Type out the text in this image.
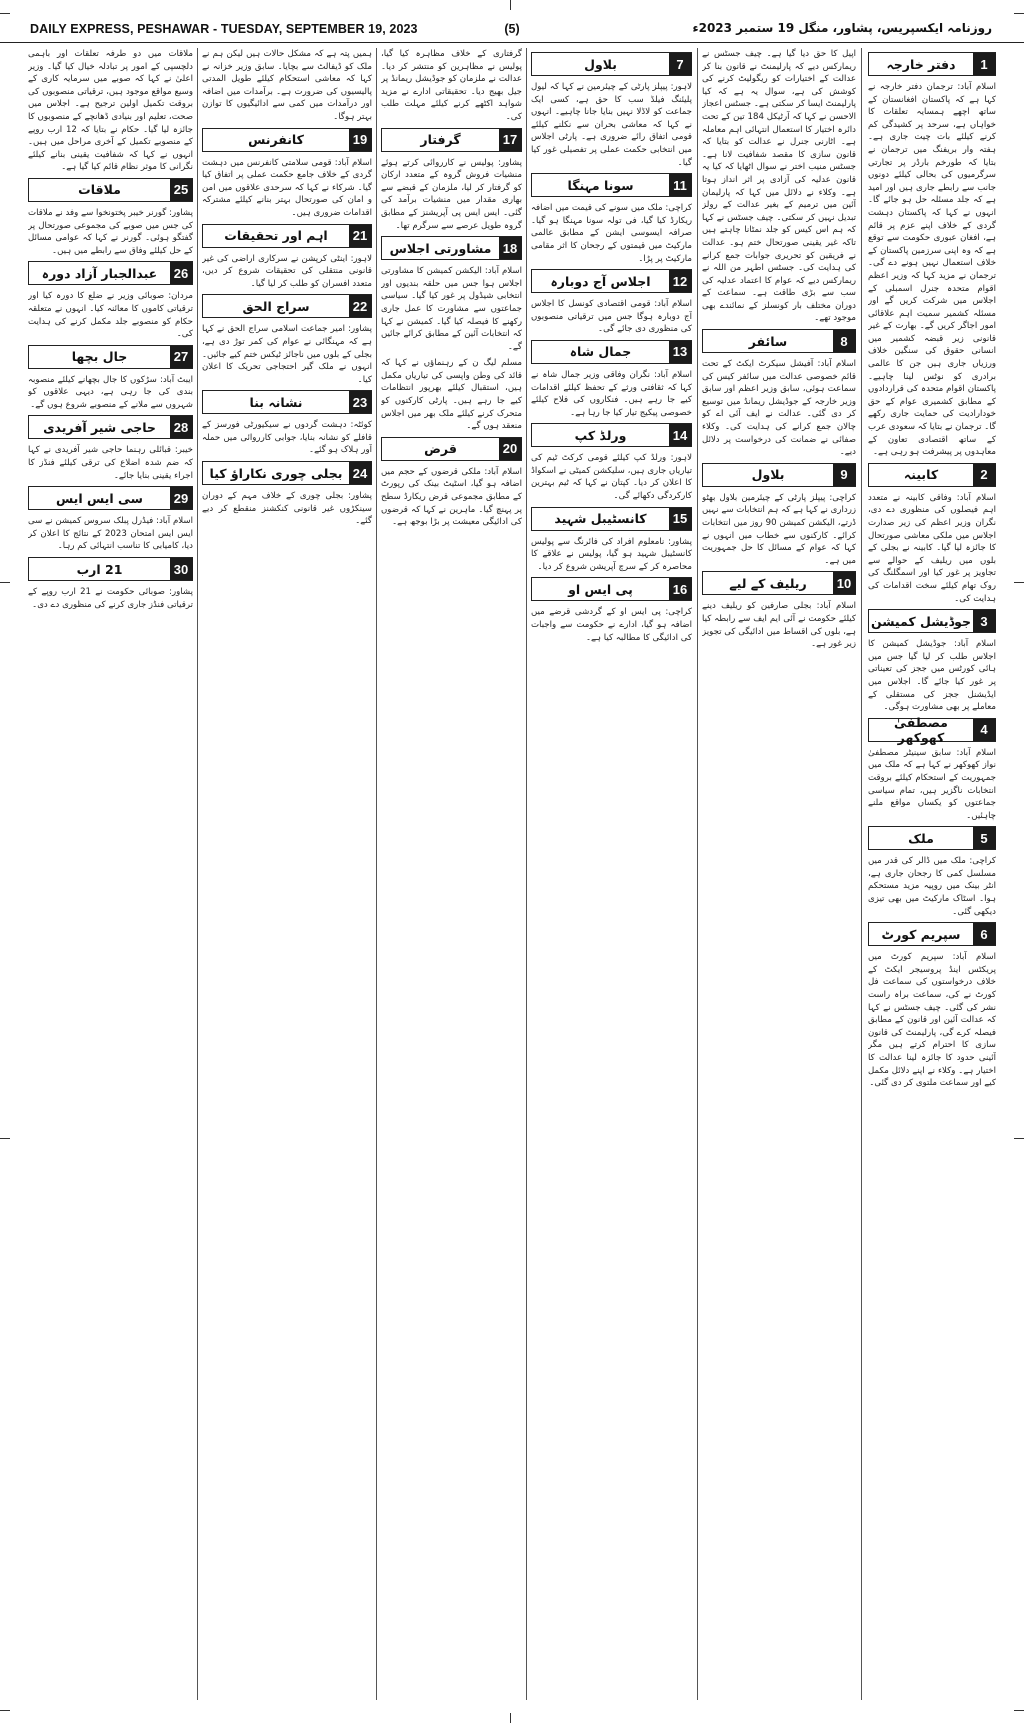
DAILY EXPRESS, PESHAWAR - TUESDAY, SEPTEMBER 19, 2023	(5)	روزنامہ ایکسپریس، پشاور، منگل 19 ستمبر 2023ء
دفتر خارجہ	1

اسلام آباد: ترجمان دفتر خارجہ نے کہا ہے کہ پاکستان افغانستان کے ساتھ اچھے ہمسایہ تعلقات کا خواہاں ہے، سرحد پر کشیدگی کم کرنے کیلئے بات چیت جاری ہے۔ ہفتہ وار بریفنگ میں ترجمان نے بتایا کہ طورخم بارڈر پر تجارتی سرگرمیوں کی بحالی کیلئے دونوں جانب سے رابطے جاری ہیں اور امید ہے کہ جلد مسئلہ حل ہو جائے گا۔ انہوں نے کہا کہ پاکستان دہشت گردی کے خلاف اپنے عزم پر قائم ہے، افغان عبوری حکومت سے توقع ہے کہ وہ اپنی سرزمین پاکستان کے خلاف استعمال نہیں ہونے دے گی۔ ترجمان نے مزید کہا کہ وزیر اعظم اقوام متحدہ جنرل اسمبلی کے اجلاس میں شرکت کریں گے اور مسئلہ کشمیر سمیت اہم علاقائی امور اجاگر کریں گے۔ بھارت کے غیر قانونی زیر قبضہ کشمیر میں انسانی حقوق کی سنگین خلاف ورزیاں جاری ہیں جن کا عالمی برادری کو نوٹس لینا چاہیے۔ پاکستان اقوام متحدہ کی قراردادوں کے مطابق کشمیری عوام کے حق خودارادیت کی حمایت جاری رکھے گا۔ ترجمان نے بتایا کہ سعودی عرب کے ساتھ اقتصادی تعاون کے معاہدوں پر پیشرفت ہو رہی ہے۔

کابینہ	2

اسلام آباد: وفاقی کابینہ نے متعدد اہم فیصلوں کی منظوری دے دی، نگران وزیر اعظم کی زیر صدارت اجلاس میں ملکی معاشی صورتحال کا جائزہ لیا گیا۔ کابینہ نے بجلی کے بلوں میں ریلیف کے حوالے سے تجاویز پر غور کیا اور اسمگلنگ کی روک تھام کیلئے سخت اقدامات کی ہدایت کی۔

جوڈیشل کمیشن 3

اسلام آباد: جوڈیشل کمیشن کا اجلاس طلب کر لیا گیا جس میں ہائی کورٹس میں ججز کی تعیناتی پر غور کیا جائے گا۔ اجلاس میں ایڈیشنل ججز کی مستقلی کے معاملے پر بھی مشاورت ہوگی۔

مصطفیٰ کھوکھر	4

اسلام آباد: سابق سینیٹر مصطفیٰ نواز کھوکھر نے کہا ہے کہ ملک میں جمہوریت کے استحکام کیلئے بروقت انتخابات ناگزیر ہیں، تمام سیاسی جماعتوں کو یکساں مواقع ملنے چاہئیں۔

ملک	5

کراچی: ملک میں ڈالر کی قدر میں مسلسل کمی کا رجحان جاری ہے، انٹر بینک میں روپیہ مزید مستحکم ہوا۔ اسٹاک مارکیٹ میں بھی تیزی دیکھی گئی۔

سپریم کورٹ	6

اسلام آباد: سپریم کورٹ میں پریکٹس اینڈ پروسیجر ایکٹ کے خلاف درخواستوں کی سماعت فل کورٹ نے کی، سماعت براہ راست نشر کی گئی۔ چیف جسٹس نے کہا کہ عدالت آئین اور قانون کے مطابق فیصلہ کرے گی، پارلیمنٹ کی قانون سازی کا احترام کرتے ہیں مگر آئینی حدود کا جائزہ لینا عدالت کا اختیار ہے۔ وکلاء نے اپنے دلائل مکمل کیے اور سماعت ملتوی کر دی گئی۔

اپیل کا حق دیا گیا ہے۔ چیف جسٹس نے ریمارکس دیے کہ پارلیمنٹ نے قانون بنا کر عدالت کے اختیارات کو ریگولیٹ کرنے کی کوشش کی ہے، سوال یہ ہے کہ کیا پارلیمنٹ ایسا کر سکتی ہے۔ جسٹس اعجاز الاحسن نے کہا کہ آرٹیکل 184 تین کے تحت دائرہ اختیار کا استعمال انتہائی اہم معاملہ ہے۔ اٹارنی جنرل نے عدالت کو بتایا کہ قانون سازی کا مقصد شفافیت لانا ہے۔ جسٹس منیب اختر نے سوال اٹھایا کہ کیا یہ قانون عدلیہ کی آزادی پر اثر انداز ہوتا ہے۔ وکلاء نے دلائل میں کہا کہ پارلیمان آئین میں ترمیم کے بغیر عدالت کے رولز تبدیل نہیں کر سکتی۔ چیف جسٹس نے کہا کہ ہم اس کیس کو جلد نمٹانا چاہتے ہیں تاکہ غیر یقینی صورتحال ختم ہو۔ عدالت نے فریقین کو تحریری جوابات جمع کرانے کی ہدایت کی۔ جسٹس اطہر من اللہ نے ریمارکس دیے کہ عوام کا اعتماد عدلیہ کی سب سے بڑی طاقت ہے۔ سماعت کے دوران مختلف بار کونسلز کے نمائندے بھی موجود تھے۔

سائفر	8

اسلام آباد: آفیشل سیکرٹ ایکٹ کے تحت قائم خصوصی عدالت میں سائفر کیس کی سماعت ہوئی، سابق وزیر اعظم اور سابق وزیر خارجہ کے جوڈیشل ریمانڈ میں توسیع کر دی گئی۔ عدالت نے ایف آئی اے کو چالان جمع کرانے کی ہدایت کی۔ وکلاء صفائی نے ضمانت کی درخواست پر دلائل دیے۔

بلاول	9

کراچی: پیپلز پارٹی کے چیئرمین بلاول بھٹو زرداری نے کہا ہے کہ ہم انتخابات سے نہیں ڈرتے، الیکشن کمیشن 90 روز میں انتخابات کرائے۔ کارکنوں سے خطاب میں انہوں نے کہا کہ عوام کے مسائل کا حل جمہوریت میں ہے۔

ریلیف کے لیے	10

اسلام آباد: بجلی صارفین کو ریلیف دینے کیلئے حکومت نے آئی ایم ایف سے رابطہ کیا ہے، بلوں کی اقساط میں ادائیگی کی تجویز زیر غور ہے۔

بلاول	7

لاہور: پیپلز پارٹی کے چیئرمین نے کہا کہ لیول پلیئنگ فیلڈ سب کا حق ہے، کسی ایک جماعت کو لاڈلا نہیں بنایا جانا چاہیے۔ انہوں نے کہا کہ معاشی بحران سے نکلنے کیلئے قومی اتفاق رائے ضروری ہے۔ پارٹی اجلاس میں انتخابی حکمت عملی پر تفصیلی غور کیا گیا۔

سونا مہنگا	11

کراچی: ملک میں سونے کی قیمت میں اضافہ ریکارڈ کیا گیا، فی تولہ سونا مہنگا ہو گیا۔ صرافہ ایسوسی ایشن کے مطابق عالمی مارکیٹ میں قیمتوں کے رجحان کا اثر مقامی مارکیٹ پر پڑا۔

اجلاس آج دوبارہ	12

اسلام آباد: قومی اقتصادی کونسل کا اجلاس آج دوبارہ ہوگا جس میں ترقیاتی منصوبوں کی منظوری دی جائے گی۔

جمال شاہ	13

اسلام آباد: نگران وفاقی وزیر جمال شاہ نے کہا کہ ثقافتی ورثے کے تحفظ کیلئے اقدامات کیے جا رہے ہیں۔ فنکاروں کی فلاح کیلئے خصوصی پیکیج تیار کیا جا رہا ہے۔

ورلڈ کپ	14

لاہور: ورلڈ کپ کیلئے قومی کرکٹ ٹیم کی تیاریاں جاری ہیں، سلیکشن کمیٹی نے اسکواڈ کا اعلان کر دیا۔ کپتان نے کہا کہ ٹیم بہترین کارکردگی دکھائے گی۔

کانسٹیبل شہید	15

پشاور: نامعلوم افراد کی فائرنگ سے پولیس کانسٹیبل شہید ہو گیا، پولیس نے علاقے کا محاصرہ کر کے سرچ آپریشن شروع کر دیا۔

پی ایس او	16

کراچی: پی ایس او کے گردشی قرضے میں اضافہ ہو گیا، ادارے نے حکومت سے واجبات کی ادائیگی کا مطالبہ کیا ہے۔

گرفتاری کے خلاف مظاہرہ کیا گیا، پولیس نے مظاہرین کو منتشر کر دیا۔ عدالت نے ملزمان کو جوڈیشل ریمانڈ پر جیل بھیج دیا۔ تحقیقاتی ادارے نے مزید شواہد اکٹھے کرنے کیلئے مہلت طلب کی۔

گرفتار	17

پشاور: پولیس نے کارروائی کرتے ہوئے منشیات فروش گروہ کے متعدد ارکان کو گرفتار کر لیا، ملزمان کے قبضے سے بھاری مقدار میں منشیات برآمد کی گئی۔ ایس ایس پی آپریشنز کے مطابق گروہ طویل عرصے سے سرگرم تھا۔

مشاورتی اجلاس 18

اسلام آباد: الیکشن کمیشن کا مشاورتی اجلاس ہوا جس میں حلقہ بندیوں اور انتخابی شیڈول پر غور کیا گیا۔ سیاسی جماعتوں سے مشاورت کا عمل جاری رکھنے کا فیصلہ کیا گیا۔ کمیشن نے کہا کہ انتخابات آئین کے مطابق کرائے جائیں گے۔

مسلم لیگ ن کے رہنماؤں نے کہا کہ قائد کی وطن واپسی کی تیاریاں مکمل ہیں، استقبال کیلئے بھرپور انتظامات کیے جا رہے ہیں۔ پارٹی کارکنوں کو متحرک کرنے کیلئے ملک بھر میں اجلاس منعقد ہوں گے۔

قرض	20

اسلام آباد: ملکی قرضوں کے حجم میں اضافہ ہو گیا، اسٹیٹ بینک کی رپورٹ کے مطابق مجموعی قرض ریکارڈ سطح پر پہنچ گیا۔ ماہرین نے کہا کہ قرضوں کی ادائیگی معیشت پر بڑا بوجھ ہے۔

ہمیں پتہ ہے کہ مشکل حالات ہیں لیکن ہم نے ملک کو ڈیفالٹ سے بچایا۔ سابق وزیر خزانہ نے کہا کہ معاشی استحکام کیلئے طویل المدتی پالیسیوں کی ضرورت ہے۔ برآمدات میں اضافہ اور درآمدات میں کمی سے ادائیگیوں کا توازن بہتر ہوگا۔

کانفرنس	19

اسلام آباد: قومی سلامتی کانفرنس میں دہشت گردی کے خلاف جامع حکمت عملی پر اتفاق کیا گیا۔ شرکاء نے کہا کہ سرحدی علاقوں میں امن و امان کی صورتحال بہتر بنانے کیلئے مشترکہ اقدامات ضروری ہیں۔

اہم اور تحقیقات	21

لاہور: اینٹی کرپشن نے سرکاری اراضی کی غیر قانونی منتقلی کی تحقیقات شروع کر دیں، متعدد افسران کو طلب کر لیا گیا۔

سراج الحق	22

پشاور: امیر جماعت اسلامی سراج الحق نے کہا ہے کہ مہنگائی نے عوام کی کمر توڑ دی ہے، بجلی کے بلوں میں ناجائز ٹیکس ختم کیے جائیں۔ انہوں نے ملک گیر احتجاجی تحریک کا اعلان کیا۔

نشانہ بنا	23

کوئٹہ: دہشت گردوں نے سیکیورٹی فورسز کے قافلے کو نشانہ بنایا، جوابی کارروائی میں حملہ آور ہلاک ہو گئے۔

بجلی چوری نکاراؤ کیا 24

پشاور: بجلی چوری کے خلاف مہم کے دوران سینکڑوں غیر قانونی کنکشنز منقطع کر دیے گئے۔

ملاقات میں دو طرفہ تعلقات اور باہمی دلچسپی کے امور پر تبادلہ خیال کیا گیا۔ وزیر اعلیٰ نے کہا کہ صوبے میں سرمایہ کاری کے وسیع مواقع موجود ہیں، ترقیاتی منصوبوں کی بروقت تکمیل اولین ترجیح ہے۔ اجلاس میں صحت، تعلیم اور بنیادی ڈھانچے کے منصوبوں کا جائزہ لیا گیا۔ حکام نے بتایا کہ 12 ارب روپے کے منصوبے تکمیل کے آخری مراحل میں ہیں۔ انہوں نے کہا کہ شفافیت یقینی بنانے کیلئے نگرانی کا موثر نظام قائم کیا گیا ہے۔

ملاقات	25

پشاور: گورنر خیبر پختونخوا سے وفد نے ملاقات کی جس میں صوبے کی مجموعی صورتحال پر گفتگو ہوئی۔ گورنر نے کہا کہ عوامی مسائل کے حل کیلئے وفاق سے رابطے میں ہیں۔

عبدالجبار آزاد دورہ	26

مردان: صوبائی وزیر نے ضلع کا دورہ کیا اور ترقیاتی کاموں کا معائنہ کیا۔ انہوں نے متعلقہ حکام کو منصوبے جلد مکمل کرنے کی ہدایت کی۔

جال بچھا	27

ایبٹ آباد: سڑکوں کا جال بچھانے کیلئے منصوبہ بندی کی جا رہی ہے، دیہی علاقوں کو شہروں سے ملانے کے منصوبے شروع ہوں گے۔

حاجی شیر آفریدی	28

خیبر: قبائلی رہنما حاجی شیر آفریدی نے کہا کہ ضم شدہ اضلاع کی ترقی کیلئے فنڈز کا اجراء یقینی بنایا جائے۔

سی ایس ایس	29

اسلام آباد: فیڈرل پبلک سروس کمیشن نے سی ایس ایس امتحان 2023 کے نتائج کا اعلان کر دیا، کامیابی کا تناسب انتہائی کم رہا۔

21 ارب	30

پشاور: صوبائی حکومت نے 21 ارب روپے کے ترقیاتی فنڈز جاری کرنے کی منظوری دے دی۔
